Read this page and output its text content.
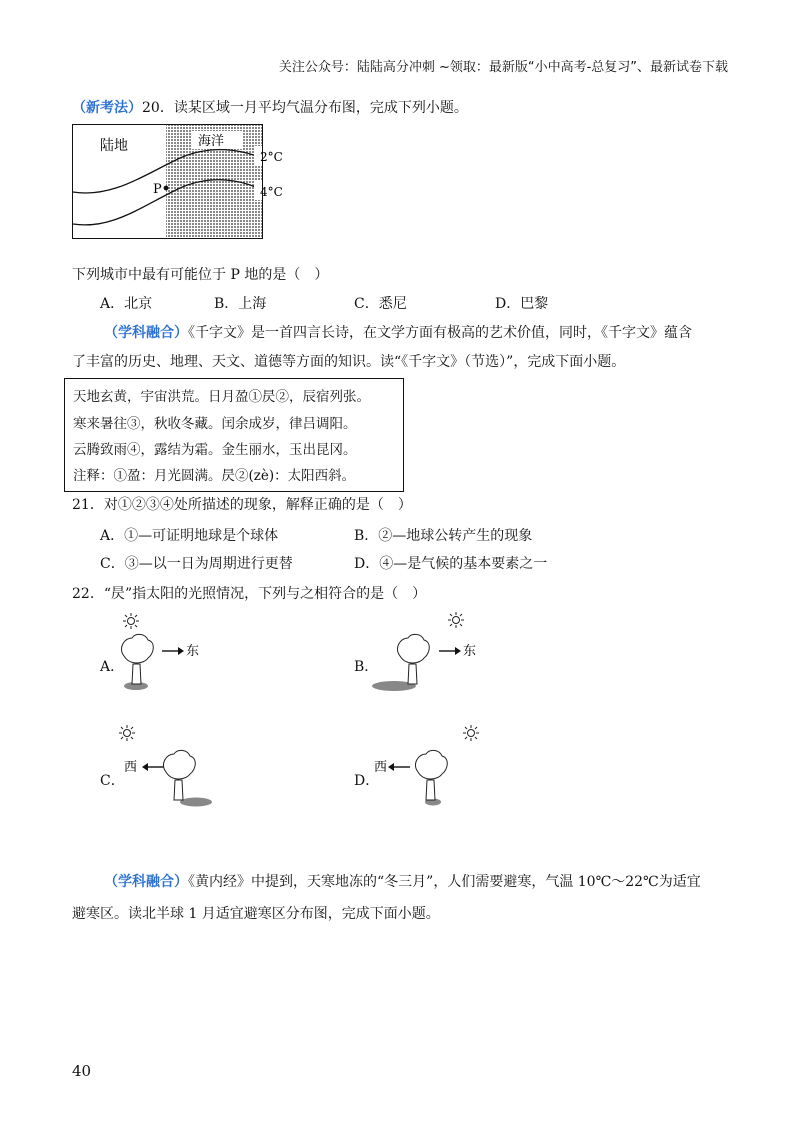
关注公众号：陆陆高分冲刺 ~领取：最新版“小中高考-总复习”、最新试卷下载
（新考法）20．读某区域一月平均气温分布图，完成下列小题。
陆地	海洋
2°C
4°C
P
下列城市中最有可能位于 P 地的是（　）
A．北京	B．上海	C．悉尼	D．巴黎
（学科融合）《千字文》是一首四言长诗，在文学方面有极高的艺术价值，同时，《千字文》蕴含
了丰富的历史、地理、天文、道德等方面的知识。读“《千字文》（节选）”，完成下面小题。
天地玄黄，宇宙洪荒。日月盈①昃②，辰宿列张。
寒来暑往③，秋收冬藏。闰余成岁，律吕调阳。
云腾致雨④，露结为霜。金生丽水，玉出昆冈。
注释：①盈：月光圆满。昃②(zè)：太阳西斜。
21．对①②③④处所描述的现象，解释正确的是（　）
A．①—可证明地球是个球体	B．②—地球公转产生的现象
C．③—以一日为周期进行更替	D．④—是气候的基本要素之一
22．“昃”指太阳的光照情况，下列与之相符合的是（　）
A．	B．
C．	D．
东	东
西	西
（学科融合）《黄内经》中提到，天寒地冻的“冬三月”，人们需要避寒，气温 10℃～22℃为适宜
避寒区。读北半球 1 月适宜避寒区分布图，完成下面小题。
40
